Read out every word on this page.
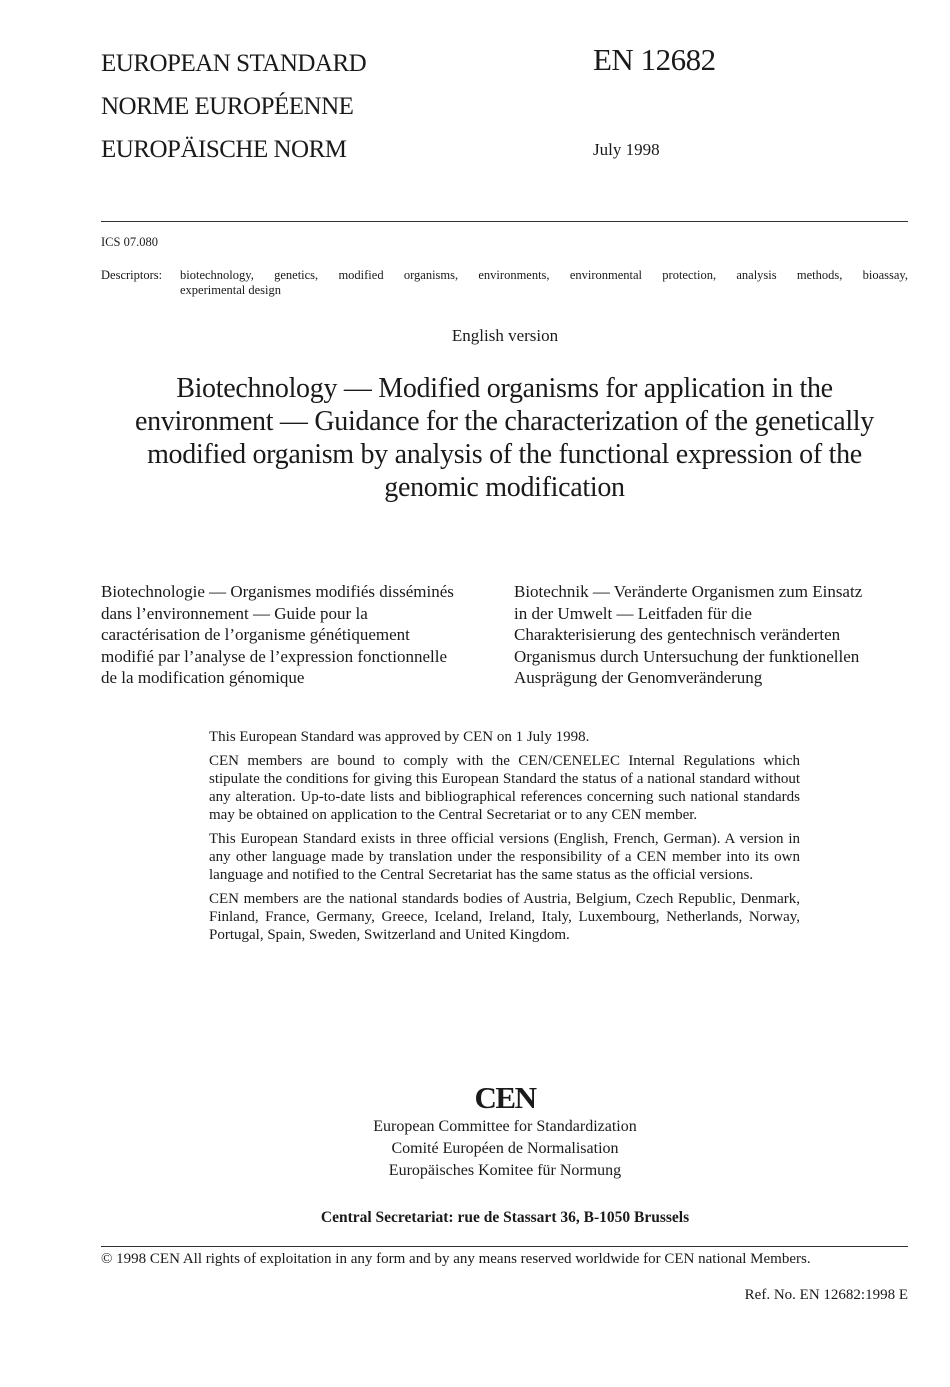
EUROPEAN STANDARD
NORME EUROPÉENNE
EUROPÄISCHE NORM
EN 12682
July 1998
ICS 07.080
Descriptors: biotechnology, genetics, modified organisms, environments, environmental protection, analysis methods, bioassay,
experimental design
English version
Biotechnology — Modified organisms for application in the
environment — Guidance for the characterization of the genetically
modified organism by analysis of the functional expression of the
genomic modification
Biotechnologie — Organismes modifiés disséminés
dans l’environnement — Guide pour la
caractérisation de l’organisme génétiquement
modifié par l’analyse de l’expression fonctionnelle
de la modification génomique
Biotechnik — Veränderte Organismen zum Einsatz
in der Umwelt — Leitfaden für die
Charakterisierung des gentechnisch veränderten
Organismus durch Untersuchung der funktionellen
Ausprägung der Genomveränderung

This European Standard was approved by CEN on 1 July 1998.

CEN members are bound to comply with the CEN/CENELEC Internal Regulations which stipulate the conditions for giving this European Standard the status of a national standard without any alteration. Up-to-date lists and bibliographical references concerning such national standards may be obtained on application to the Central Secretariat or to any CEN member.

This European Standard exists in three official versions (English, French, German). A version in any other language made by translation under the responsibility of a CEN member into its own language and notified to the Central Secretariat has the same status as the official versions.

CEN members are the national standards bodies of Austria, Belgium, Czech Republic, Denmark, Finland, France, Germany, Greece, Iceland, Ireland, Italy, Luxembourg, Netherlands, Norway, Portugal, Spain, Sweden, Switzerland and United Kingdom.

CEN
European Committee for Standardization
Comité Européen de Normalisation
Europäisches Komitee für Normung
Central Secretariat: rue de Stassart 36, B-1050 Brussels
© 1998 CEN All rights of exploitation in any form and by any means reserved worldwide for CEN national Members.
Ref. No. EN 12682:1998 E
